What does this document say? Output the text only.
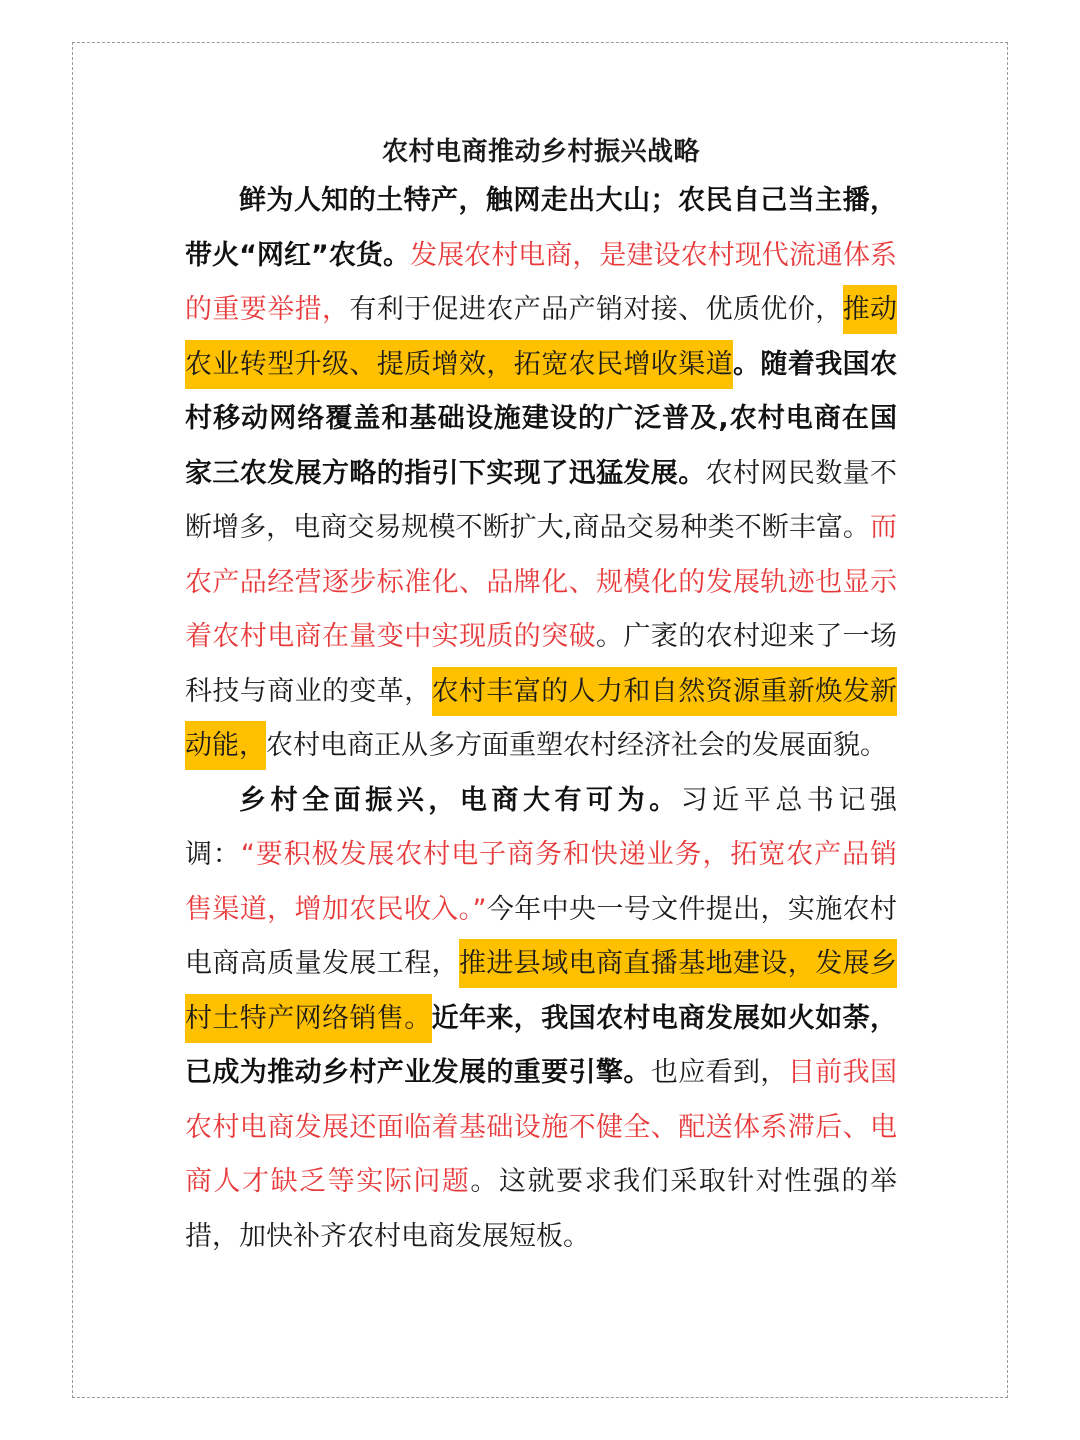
农村电商推动乡村振兴战略

鲜为人知的土特产，触网走出大山；农民自己当主播，带火“网红”农货。发展农村电商，是建设农村现代流通体系的重要举措，有利于促进农产品产销对接、优质优价，推动农业转型升级、提质增效，拓宽农民增收渠道。随着我国农村移动网络覆盖和基础设施建设的广泛普及,农村电商在国家三农发展方略的指引下实现了迅猛发展。农村网民数量不断增多，电商交易规模不断扩大,商品交易种类不断丰富。而农产品经营逐步标准化、品牌化、规模化的发展轨迹也显示着农村电商在量变中实现质的突破。广袤的农村迎来了一场科技与商业的变革，农村丰富的人力和自然资源重新焕发新动能，农村电商正从多方面重塑农村经济社会的发展面貌。

乡村全面振兴，电商大有可为。习近平总书记强调：“要积极发展农村电子商务和快递业务，拓宽农产品销售渠道，增加农民收入。”今年中央一号文件提出，实施农村电商高质量发展工程，推进县域电商直播基地建设，发展乡村土特产网络销售。近年来，我国农村电商发展如火如荼，已成为推动乡村产业发展的重要引擎。也应看到，目前我国农村电商发展还面临着基础设施不健全、配送体系滞后、电商人才缺乏等实际问题。这就要求我们采取针对性强的举措，加快补齐农村电商发展短板。
